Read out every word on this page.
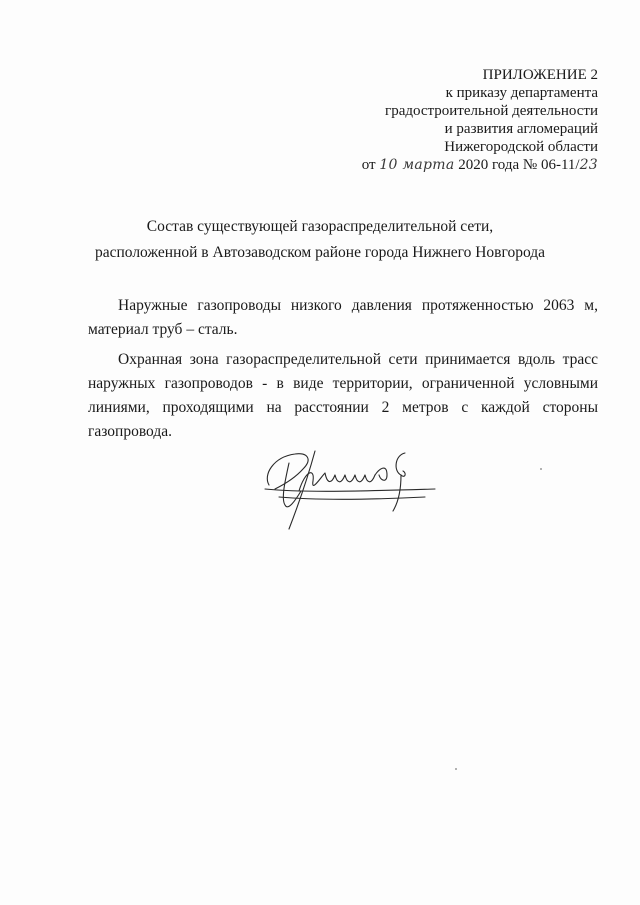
ПРИЛОЖЕНИЕ 2
к приказу департамента
градостроительной деятельности
и развития агломераций
Нижегородской области
от 10 марта 2020 года № 06-11/23
Состав существующей газораспределительной сети,
расположенной в Автозаводском районе города Нижнего Новгорода

Наружные газопроводы низкого давления протяженностью 2063 м, материал труб – сталь.

Охранная зона газораспределительной сети принимается вдоль трасс наружных газопроводов - в виде территории, ограниченной условными линиями, проходящими на расстоянии 2 метров с каждой стороны газопровода.
